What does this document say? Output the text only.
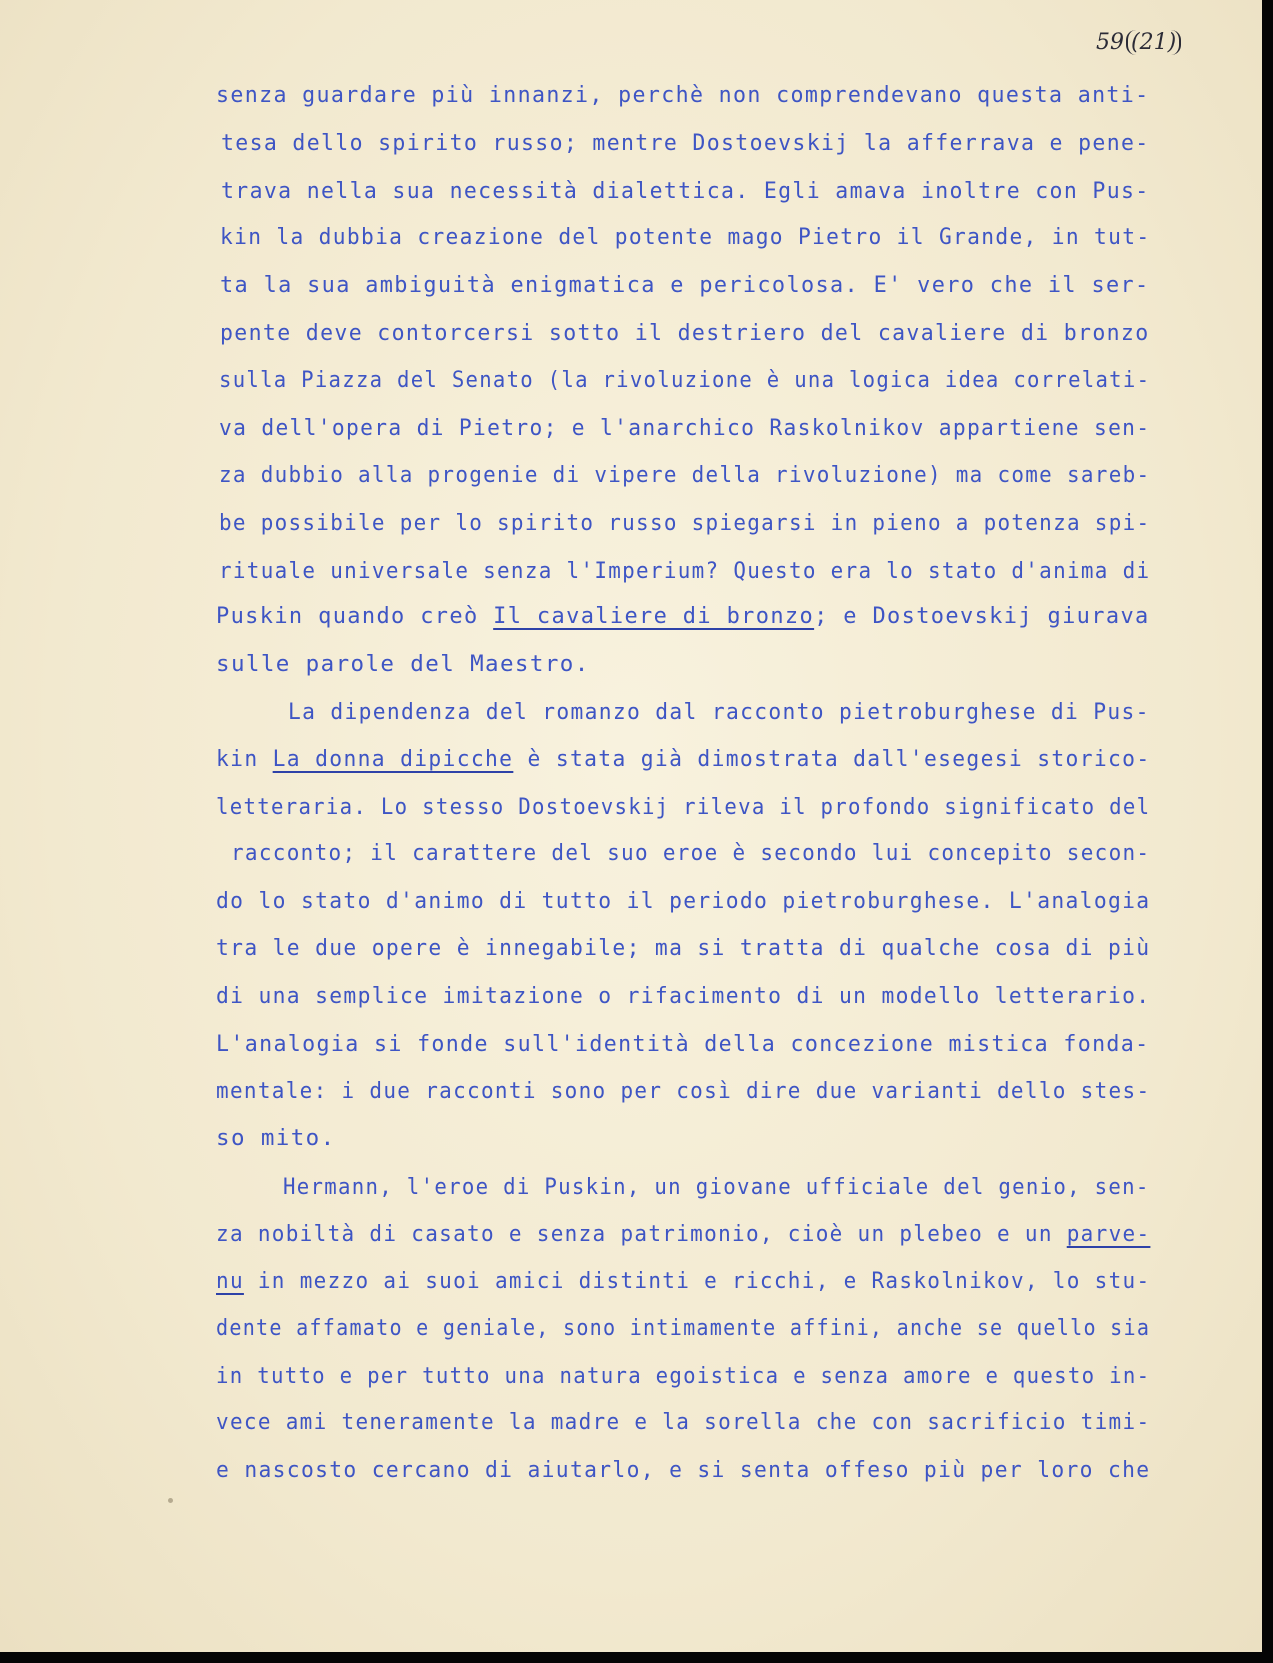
59 (21)

senza guardare più innanzi, perchè non comprendevano questa anti-

tesa dello spirito russo; mentre Dostoevskij la afferrava e pene-

trava nella sua necessità dialettica. Egli amava inoltre con Pus-

kin la dubbia creazione del potente mago Pietro il Grande, in tut-

ta la sua ambiguità enigmatica e pericolosa. E' vero che il ser-

pente deve contorcersi sotto il destriero del cavaliere di bronzo

sulla Piazza del Senato (la rivoluzione è una logica idea correlati-

va dell'opera di Pietro; e l'anarchico Raskolnikov appartiene sen-

za dubbio alla progenie di vipere della rivoluzione) ma come sareb-

be possibile per lo spirito russo spiegarsi in pieno a potenza spi-

rituale universale senza l'Imperium? Questo era lo stato d'anima di

Puskin quando creò Il cavaliere di bronzo; e Dostoevskij giurava

sulle parole del Maestro.

La dipendenza del romanzo dal racconto pietroburghese di Pus-

kin La donna dipicche è stata già dimostrata dall'esegesi storico-

letteraria. Lo stesso Dostoevskij rileva il profondo significato del

racconto; il carattere del suo eroe è secondo lui concepito secon-

do lo stato d'animo di tutto il periodo pietroburghese. L'analogia

tra le due opere è innegabile; ma si tratta di qualche cosa di più

di una semplice imitazione o rifacimento di un modello letterario.

L'analogia si fonde sull'identità della concezione mistica fonda-

mentale: i due racconti sono per così dire due varianti dello stes-

so mito.

Hermann, l'eroe di Puskin, un giovane ufficiale del genio, sen-

za nobiltà di casato e senza patrimonio, cioè un plebeo e un parve-

nu in mezzo ai suoi amici distinti e ricchi, e Raskolnikov, lo stu-

dente affamato e geniale, sono intimamente affini, anche se quello sia

in tutto e per tutto una natura egoistica e senza amore e questo in-

vece ami teneramente la madre e la sorella che con sacrificio timi-

e nascosto cercano di aiutarlo, e si senta offeso più per loro che
